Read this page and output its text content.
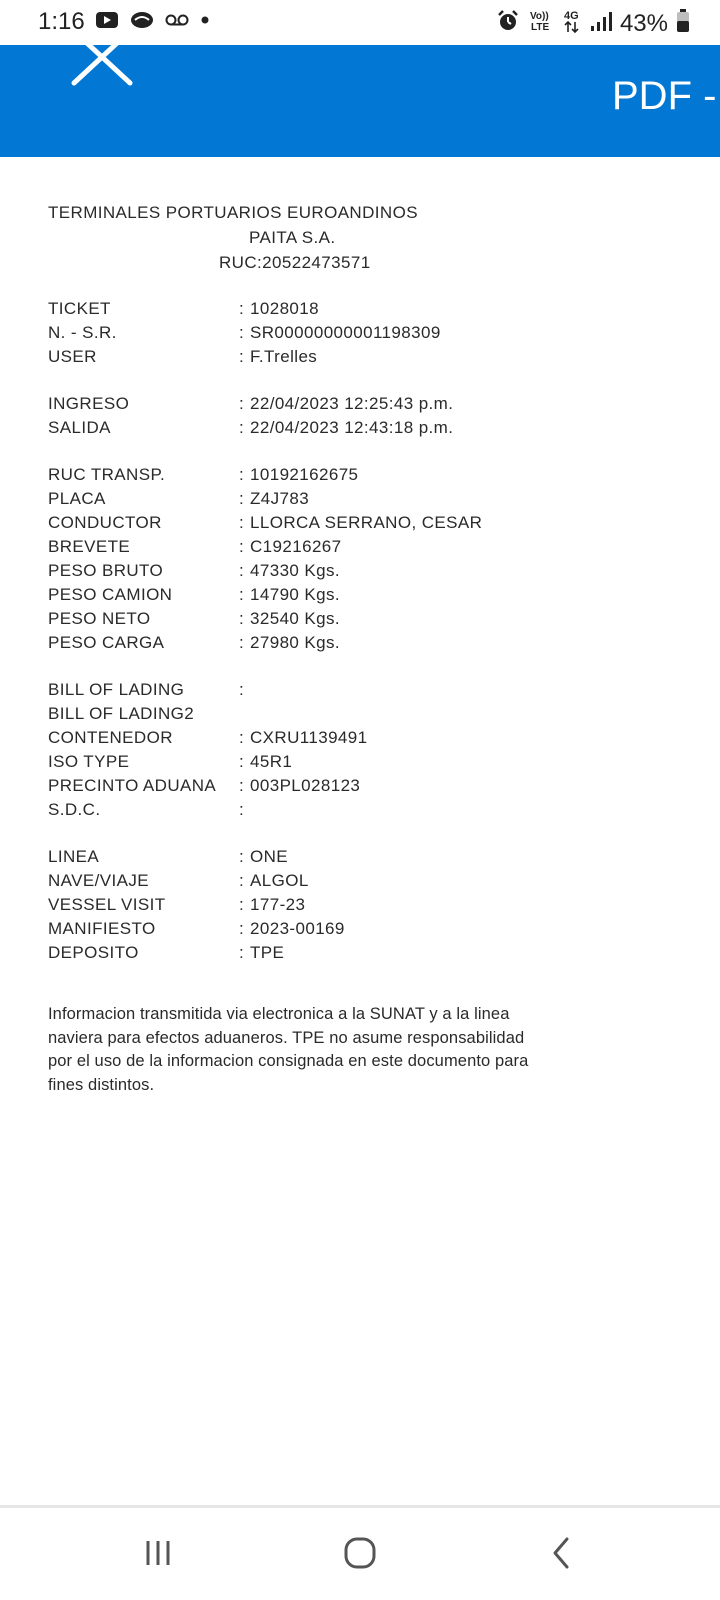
1:16	Vo))
LTE
4G 43%
PDF -
TERMINALES PORTUARIOS EUROANDINOS
PAITA S.A.
RUC:20522473571
TICKET	: 1028018
N. - S.R.	: SR00000000001198309
USER	: F.Trelles
INGRESO	: 22/04/2023 12:25:43 p.m.
SALIDA	: 22/04/2023 12:43:18 p.m.
RUC TRANSP.	: 10192162675
PLACA	: Z4J783
CONDUCTOR	: LLORCA SERRANO, CESAR
BREVETE	: C19216267
PESO BRUTO	: 47330 Kgs.
PESO CAMION	: 14790 Kgs.
PESO NETO	: 32540 Kgs.
PESO CARGA	: 27980 Kgs.
BILL OF LADING	:
BILL OF LADING2
CONTENEDOR	: CXRU1139491
ISO TYPE	: 45R1
PRECINTO ADUANA : 003PL028123
S.D.C.	:
LINEA	: ONE
NAVE/VIAJE	: ALGOL
VESSEL VISIT	: 177-23
MANIFIESTO	: 2023-00169
DEPOSITO	: TPE
Informacion transmitida via electronica a la SUNAT y a la linea naviera para efectos aduaneros. TPE no asume responsabilidad por el uso de la informacion consignada en este documento para fines distintos.
